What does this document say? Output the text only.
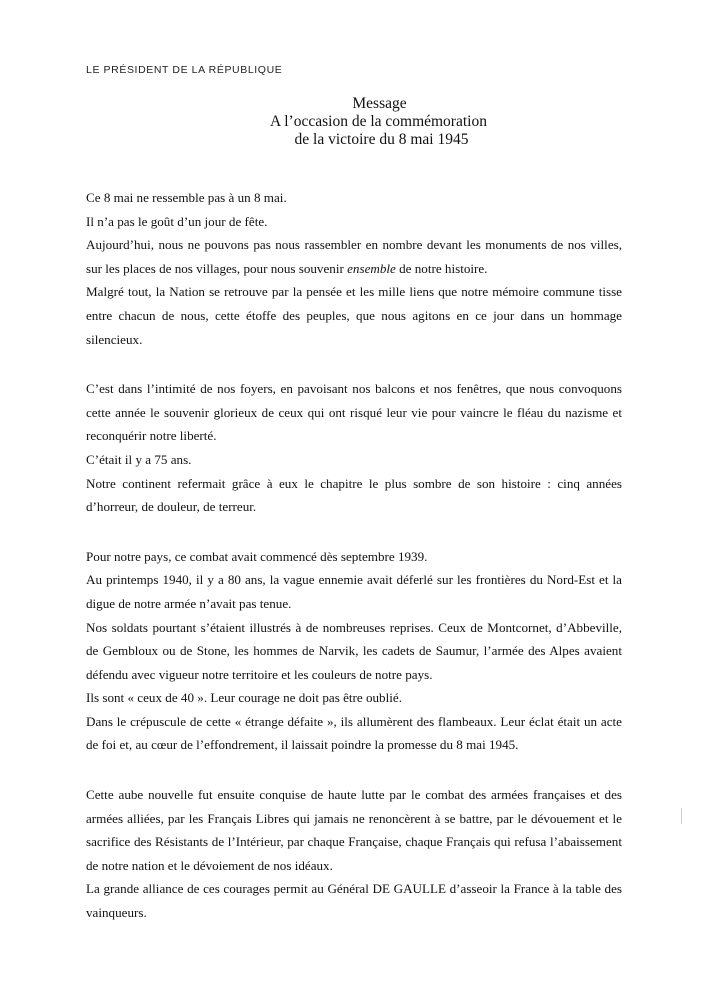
LE PRÉSIDENT DE LA RÉPUBLIQUE
Message
A l’occasion de la commémoration
de la victoire du 8 mai 1945

Ce 8 mai ne ressemble pas à un 8 mai.

Il n’a pas le goût d’un jour de fête.

Aujourd’hui, nous ne pouvons pas nous rassembler en nombre devant les monuments de nos villes, sur les places de nos villages, pour nous souvenir ensemble de notre histoire.

Malgré tout, la Nation se retrouve par la pensée et les mille liens que notre mémoire commune tisse entre chacun de nous, cette étoffe des peuples, que nous agitons en ce jour dans un hommage silencieux.

C’est dans l’intimité de nos foyers, en pavoisant nos balcons et nos fenêtres, que nous convoquons cette année le souvenir glorieux de ceux qui ont risqué leur vie pour vaincre le fléau du nazisme et reconquérir notre liberté.

C’était il y a 75 ans.

Notre continent refermait grâce à eux le chapitre le plus sombre de son histoire : cinq années d’horreur, de douleur, de terreur.

Pour notre pays, ce combat avait commencé dès septembre 1939.

Au printemps 1940, il y a 80 ans, la vague ennemie avait déferlé sur les frontières du Nord-Est et la digue de notre armée n’avait pas tenue.

Nos soldats pourtant s’étaient illustrés à de nombreuses reprises. Ceux de Montcornet, d’Abbeville, de Gembloux ou de Stone, les hommes de Narvik, les cadets de Saumur, l’armée des Alpes avaient défendu avec vigueur notre territoire et les couleurs de notre pays.

Ils sont « ceux de 40 ». Leur courage ne doit pas être oublié.

Dans le crépuscule de cette « étrange défaite », ils allumèrent des flambeaux. Leur éclat était un acte de foi et, au cœur de l’effondrement, il laissait poindre la promesse du 8 mai 1945.

Cette aube nouvelle fut ensuite conquise de haute lutte par le combat des armées françaises et des armées alliées, par les Français Libres qui jamais ne renoncèrent à se battre, par le dévouement et le sacrifice des Résistants de l’Intérieur, par chaque Française, chaque Français qui refusa l’abaissement de notre nation et le dévoiement de nos idéaux.

La grande alliance de ces courages permit au Général DE GAULLE d’asseoir la France à la table des vainqueurs.
